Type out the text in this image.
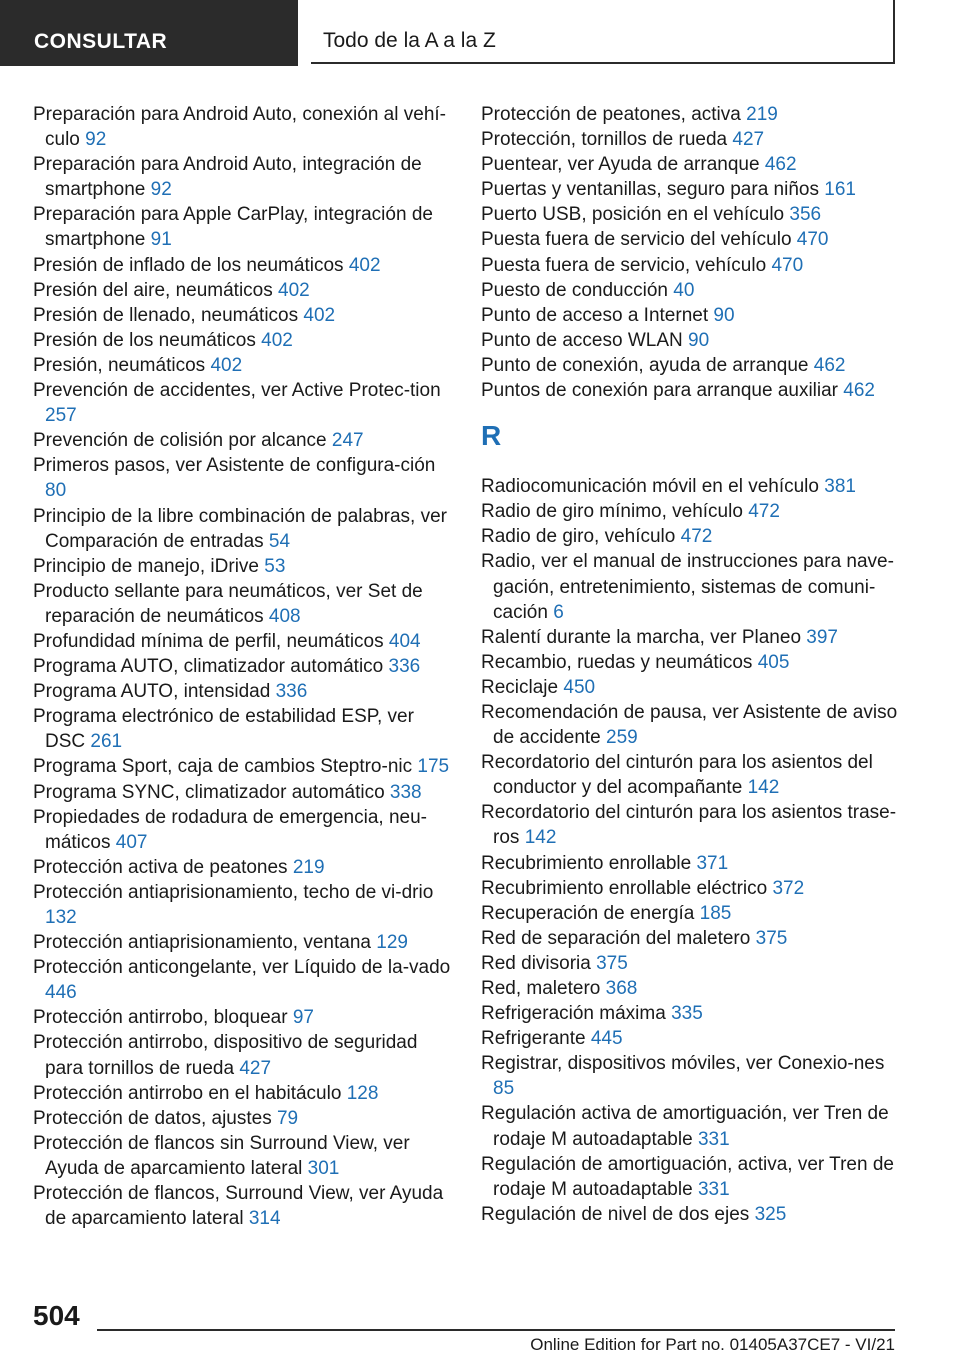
CONSULTAR	Todo de la A a la Z

Preparación para Android Auto, conexión al vehí-culo 92

Preparación para Android Auto, integración de smartphone 92

Preparación para Apple CarPlay, integración de smartphone 91

Presión de inflado de los neumáticos 402

Presión del aire, neumáticos 402

Presión de llenado, neumáticos 402

Presión de los neumáticos 402

Presión, neumáticos 402

Prevención de accidentes, ver Active Protec-tion 257

Prevención de colisión por alcance 247

Primeros pasos, ver Asistente de configura-ción 80

Principio de la libre combinación de palabras, ver Comparación de entradas 54

Principio de manejo, iDrive 53

Producto sellante para neumáticos, ver Set de reparación de neumáticos 408

Profundidad mínima de perfil, neumáticos 404

Programa AUTO, climatizador automático 336

Programa AUTO, intensidad 336

Programa electrónico de estabilidad ESP, ver DSC 261

Programa Sport, caja de cambios Steptro-nic 175

Programa SYNC, climatizador automático 338

Propiedades de rodadura de emergencia, neu-máticos 407

Protección activa de peatones 219

Protección antiaprisionamiento, techo de vi-drio 132

Protección antiaprisionamiento, ventana 129

Protección anticongelante, ver Líquido de la-vado 446

Protección antirrobo, bloquear 97

Protección antirrobo, dispositivo de seguridad para tornillos de rueda 427

Protección antirrobo en el habitáculo 128

Protección de datos, ajustes 79

Protección de flancos sin Surround View, ver Ayuda de aparcamiento lateral 301

Protección de flancos, Surround View, ver Ayuda de aparcamiento lateral 314

Protección de peatones, activa 219

Protección, tornillos de rueda 427

Puentear, ver Ayuda de arranque 462

Puertas y ventanillas, seguro para niños 161

Puerto USB, posición en el vehículo 356

Puesta fuera de servicio del vehículo 470

Puesta fuera de servicio, vehículo 470

Puesto de conducción 40

Punto de acceso a Internet 90

Punto de acceso WLAN 90

Punto de conexión, ayuda de arranque 462

Puntos de conexión para arranque auxiliar 462

R

Radiocomunicación móvil en el vehículo 381

Radio de giro mínimo, vehículo 472

Radio de giro, vehículo 472

Radio, ver el manual de instrucciones para nave-gación, entretenimiento, sistemas de comuni-cación 6

Ralentí durante la marcha, ver Planeo 397

Recambio, ruedas y neumáticos 405

Reciclaje 450

Recomendación de pausa, ver Asistente de aviso de accidente 259

Recordatorio del cinturón para los asientos del conductor y del acompañante 142

Recordatorio del cinturón para los asientos trase-ros 142

Recubrimiento enrollable 371

Recubrimiento enrollable eléctrico 372

Recuperación de energía 185

Red de separación del maletero 375

Red divisoria 375

Red, maletero 368

Refrigeración máxima 335

Refrigerante 445

Registrar, dispositivos móviles, ver Conexio-nes 85

Regulación activa de amortiguación, ver Tren de rodaje M autoadaptable 331

Regulación de amortiguación, activa, ver Tren de rodaje M autoadaptable 331

Regulación de nivel de dos ejes 325

504
Online Edition for Part no. 01405A37CE7 - VI/21
